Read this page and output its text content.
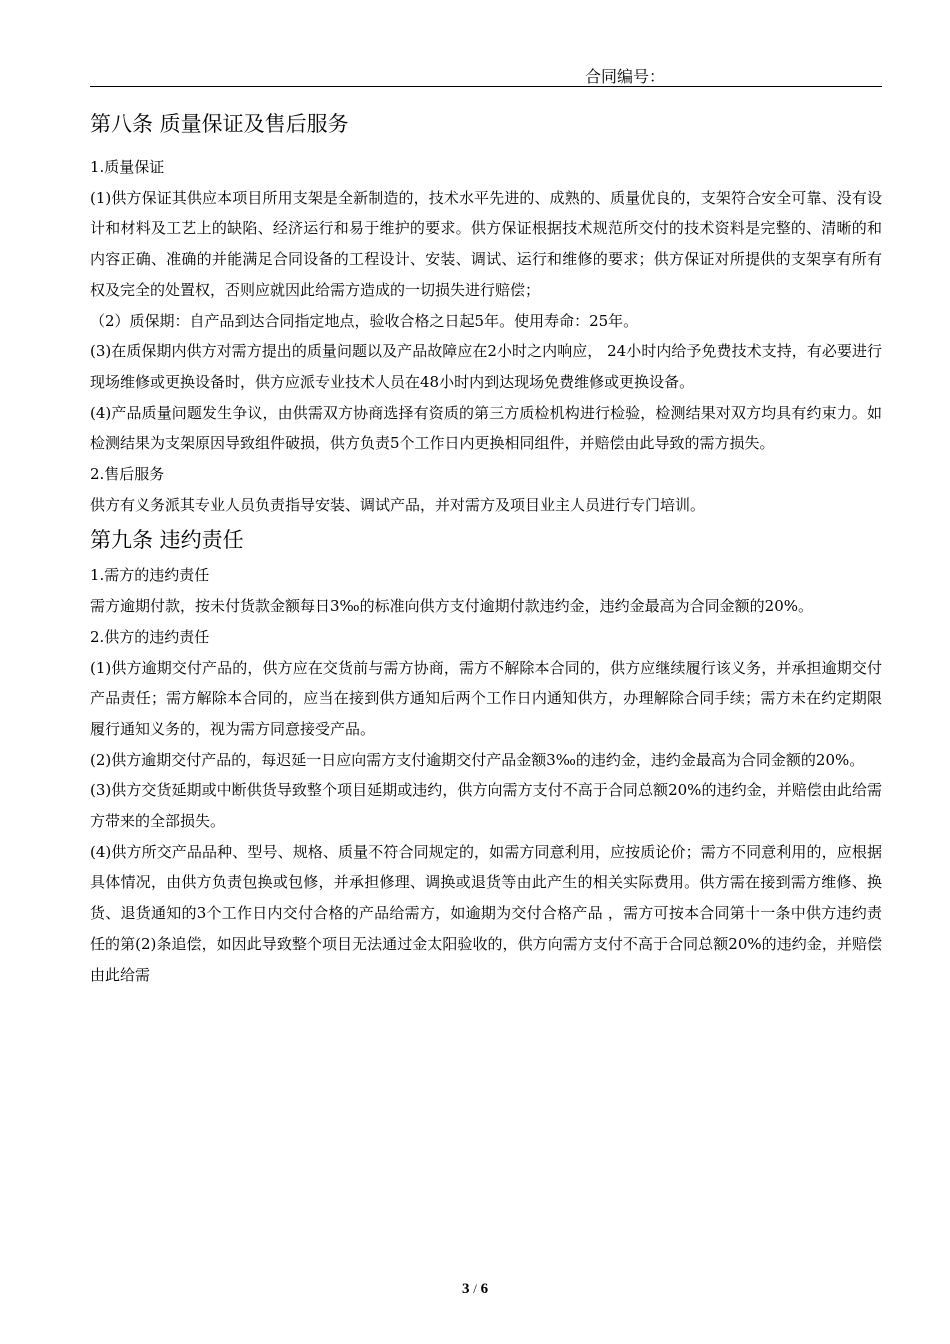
合同编号：
第八条 质量保证及售后服务

1.质量保证

(1)供方保证其供应本项目所用支架是全新制造的，技术水平先进的、成熟的、质量优良的，支架符合安全可靠、没有设计和材料及工艺上的缺陷、经济运行和易于维护的要求。供方保证根据技术规范所交付的技术资料是完整的、清晰的和内容正确、准确的并能满足合同设备的工程设计、安装、调试、运行和维修的要求；供方保证对所提供的支架享有所有权及完全的处置权，否则应就因此给需方造成的一切损失进行赔偿；

（2）质保期：自产品到达合同指定地点，验收合格之日起5年。使用寿命：25年。

(3)在质保期内供方对需方提出的质量问题以及产品故障应在2小时之内响应， 24小时内给予免费技术支持，有必要进行现场维修或更换设备时，供方应派专业技术人员在48小时内到达现场免费维修或更换设备。

(4)产品质量问题发生争议，由供需双方协商选择有资质的第三方质检机构进行检验，检测结果对双方均具有约束力。如检测结果为支架原因导致组件破损，供方负责5个工作日内更换相同组件，并赔偿由此导致的需方损失。

2.售后服务

供方有义务派其专业人员负责指导安装、调试产品，并对需方及项目业主人员进行专门培训。

第九条 违约责任

1.需方的违约责任

需方逾期付款，按未付货款金额每日3‰的标准向供方支付逾期付款违约金，违约金最高为合同金额的20%。

2.供方的违约责任

(1)供方逾期交付产品的，供方应在交货前与需方协商，需方不解除本合同的，供方应继续履行该义务，并承担逾期交付产品责任；需方解除本合同的，应当在接到供方通知后两个工作日内通知供方，办理解除合同手续；需方未在约定期限履行通知义务的，视为需方同意接受产品。

(2)供方逾期交付产品的，每迟延一日应向需方支付逾期交付产品金额3‰的违约金，违约金最高为合同金额的20%。

(3)供方交货延期或中断供货导致整个项目延期或违约，供方向需方支付不高于合同总额20%的违约金，并赔偿由此给需方带来的全部损失。

(4)供方所交产品品种、型号、规格、质量不符合同规定的，如需方同意利用，应按质论价；需方不同意利用的，应根据具体情况，由供方负责包换或包修，并承担修理、调换或退货等由此产生的相关实际费用。供方需在接到需方维修、换货、退货通知的3个工作日内交付合格的产品给需方，如逾期为交付合格产品 ，需方可按本合同第十一条中供方违约责任的第(2)条追偿，如因此导致整个项目无法通过金太阳验收的，供方向需方支付不高于合同总额20%的违约金，并赔偿由此给需

3 / 6
